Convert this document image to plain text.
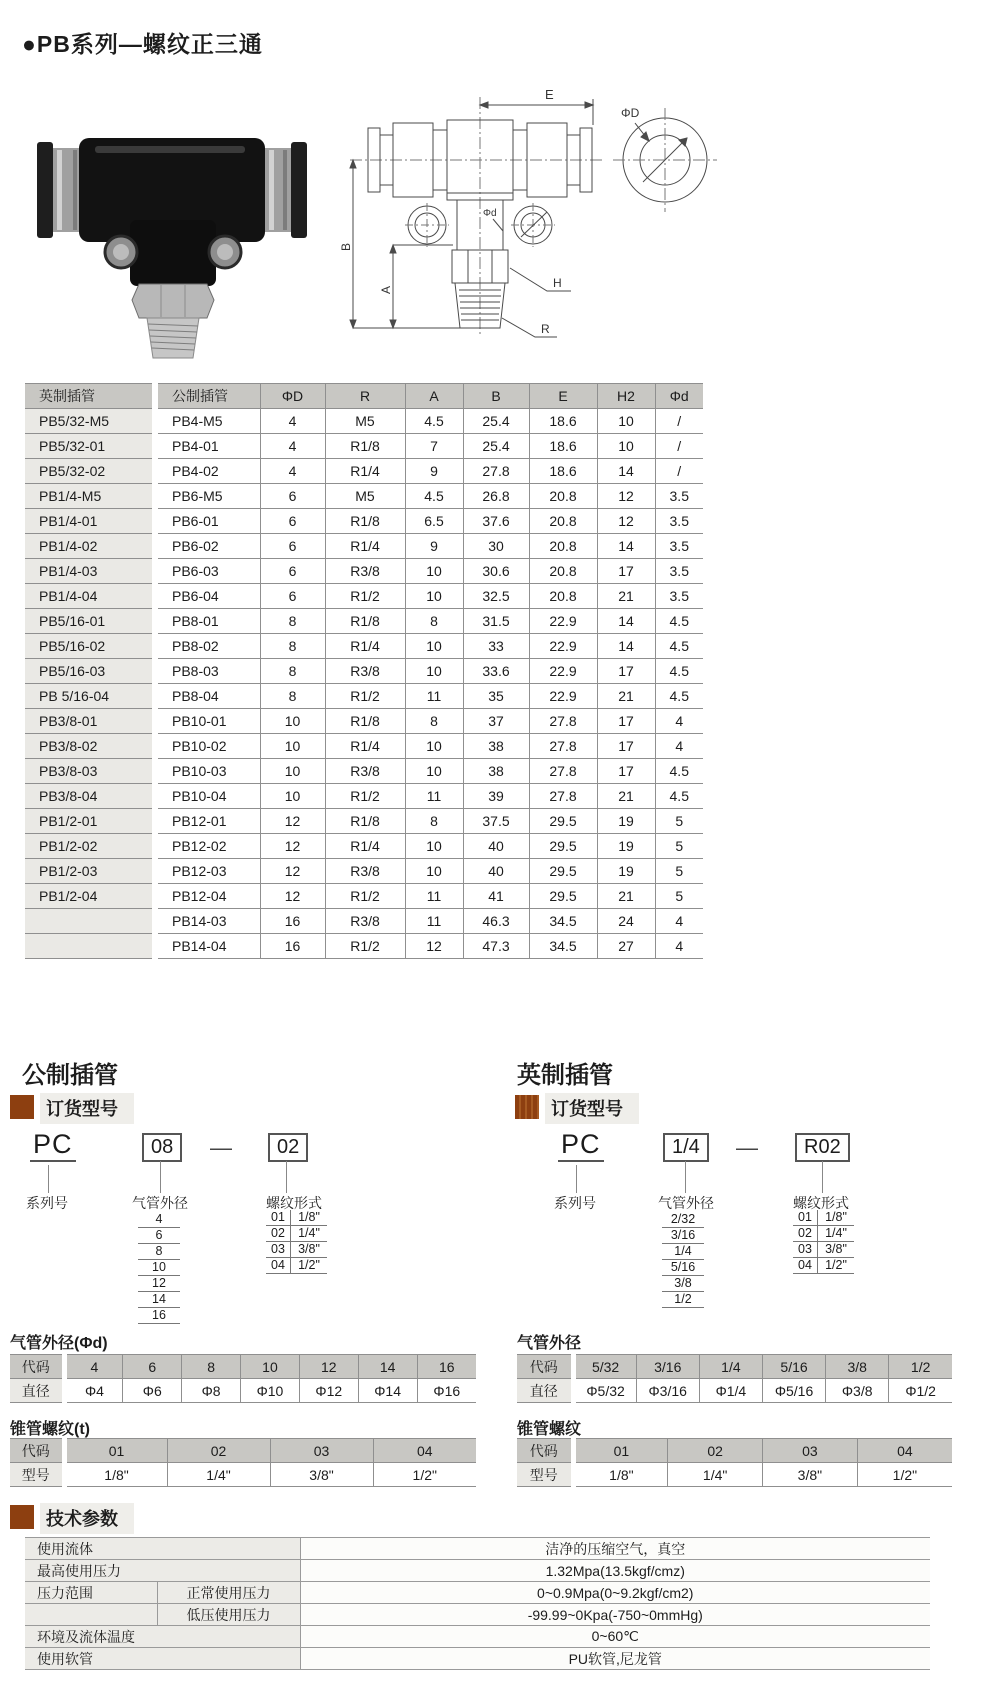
●PB系列—螺纹正三通
E
B
A	H
R
Φd
ΦD
英制插管	公制插管	ΦD	R	A	B	E	H2	Φd
PB5/32-M5	PB4-M5	4	M5	4.5	25.4	18.6	10	/
PB5/32-01	PB4-01	4	R1/8	7	25.4	18.6	10	/
PB5/32-02	PB4-02	4	R1/4	9	27.8	18.6	14	/
PB1/4-M5	PB6-M5	6	M5	4.5	26.8	20.8	12	3.5
PB1/4-01	PB6-01	6	R1/8	6.5	37.6	20.8	12	3.5
PB1/4-02	PB6-02	6	R1/4	9	30	20.8	14	3.5
PB1/4-03	PB6-03	6	R3/8	10	30.6	20.8	17	3.5
PB1/4-04	PB6-04	6	R1/2	10	32.5	20.8	21	3.5
PB5/16-01	PB8-01	8	R1/8	8	31.5	22.9	14	4.5
PB5/16-02	PB8-02	8	R1/4	10	33	22.9	14	4.5
PB5/16-03	PB8-03	8	R3/8	10	33.6	22.9	17	4.5
PB 5/16-04	PB8-04	8	R1/2	11	35	22.9	21	4.5
PB3/8-01	PB10-01	10	R1/8	8	37	27.8	17	4
PB3/8-02	PB10-02	10	R1/4	10	38	27.8	17	4
PB3/8-03	PB10-03	10	R3/8	10	38	27.8	17	4.5
PB3/8-04	PB10-04	10	R1/2	11	39	27.8	21	4.5
PB1/2-01	PB12-01	12	R1/8	8	37.5	29.5	19	5
PB1/2-02	PB12-02	12	R1/4	10	40	29.5	19	5
PB1/2-03	PB12-03	12	R3/8	10	40	29.5	19	5
PB1/2-04	PB12-04	12	R1/2	11	41	29.5	21	5
	PB14-03	16	R3/8	11	46.3	34.5	24	4
	PB14-04	16	R1/2	12	47.3	34.5	27	4
公制插管
订货型号
PC	08	—	02
系列号	气管外径	螺纹形式
4
6
8
10
12
14
16
01	1/8"
02	1/4"
03	3/8"
04	1/2"
英制插管
订货型号
PC	1/4	—	R02
系列号	气管外径	螺纹形式
2/32
3/16
1/4
5/16
3/8
1/2
01	1/8"
02	1/4"
03	3/8"
04	1/2"
气管外径(Φd)
代码	4	6	8	10	12	14	16
直径	Φ4	Φ6	Φ8	Φ10	Φ12	Φ14	Φ16
气管外径
代码	5/32	3/16	1/4	5/16	3/8	1/2
直径	Φ5/32	Φ3/16	Φ1/4	Φ5/16	Φ3/8	Φ1/2
锥管螺纹(t)
代码	01	02	03	04
型号	1/8"	1/4"	3/8"	1/2"
锥管螺纹
代码	01	02	03	04
型号	1/8"	1/4"	3/8"	1/2"
技术参数
使用流体		洁净的压缩空气，真空
最高使用压力		1.32Mpa(13.5kgf/cmz)
压力范围	正常使用压力	0~0.9Mpa(0~9.2kgf/cm2)
	低压使用压力	-99.99~0Kpa(-750~0mmHg)
环境及流体温度		0~60℃
使用软管		PU软管,尼龙管
